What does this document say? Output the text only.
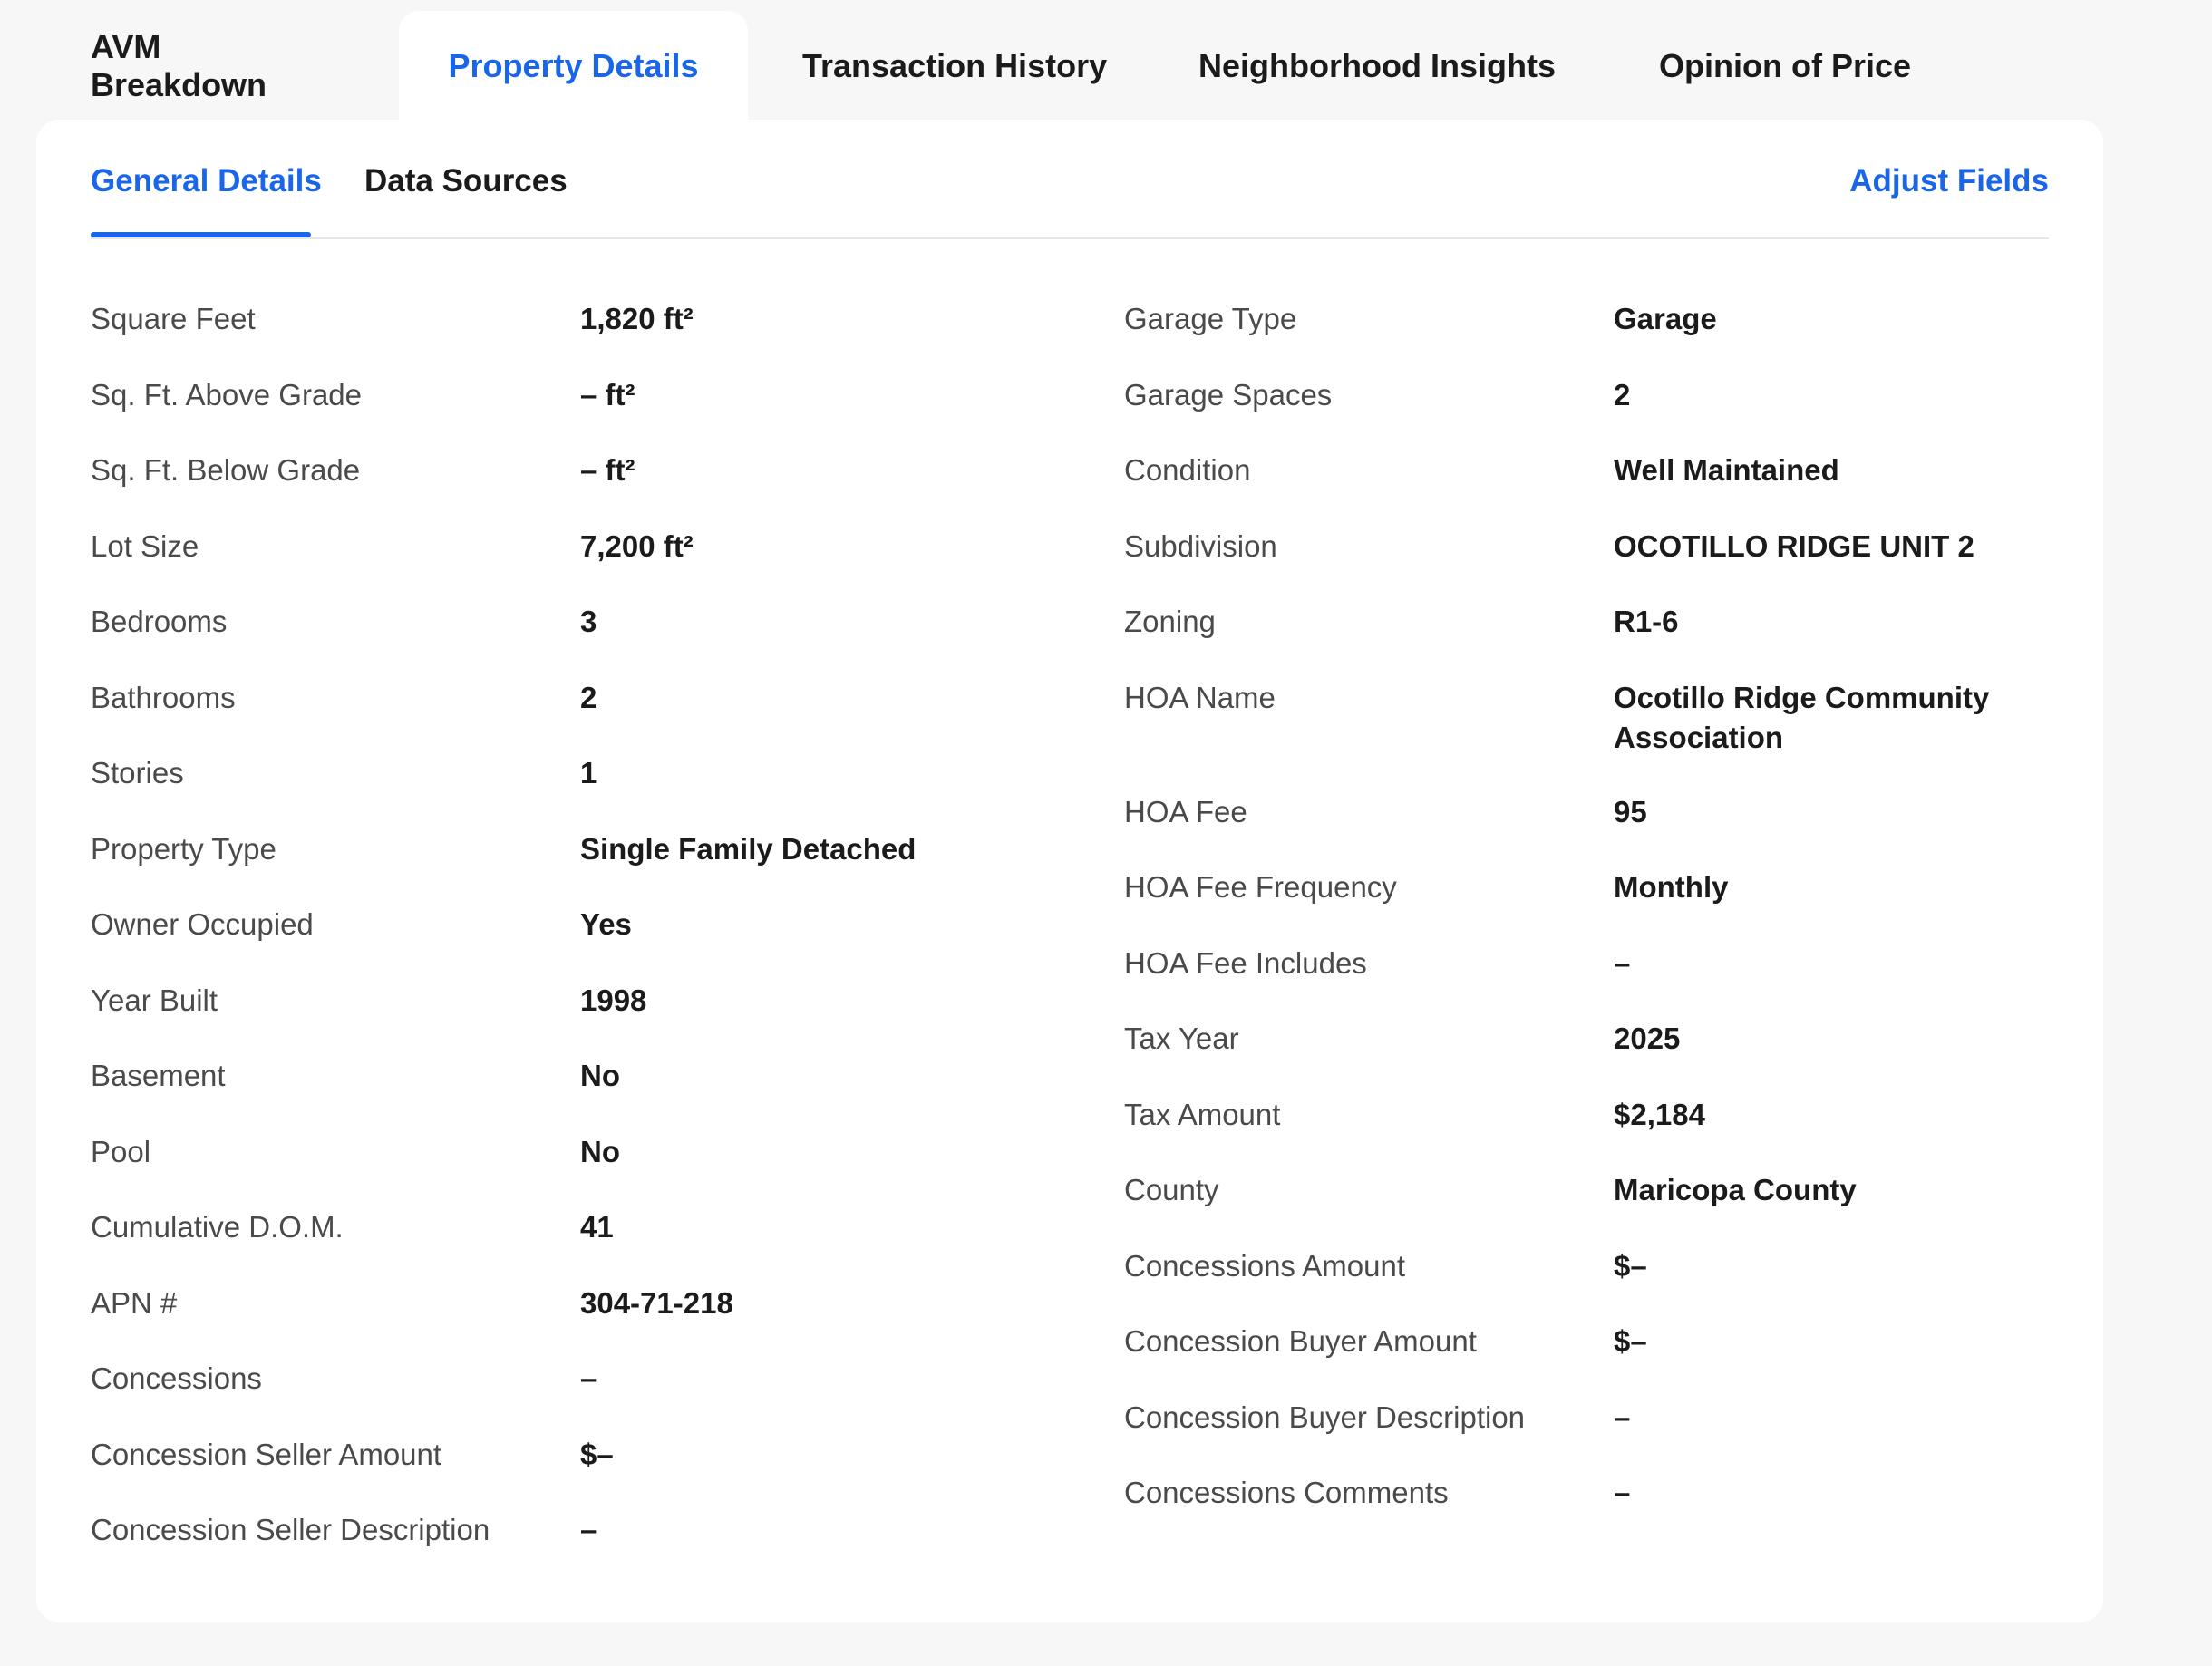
AVM Breakdown
Property Details	Transaction History	Neighborhood Insights	Opinion of Price
General Details Data Sources	Adjust Fields
Square Feet	1,820 ft²
Sq. Ft. Above Grade	– ft²
Sq. Ft. Below Grade	– ft²
Lot Size	7,200 ft²
Bedrooms	3
Bathrooms	2
Stories	1
Property Type	Single Family Detached
Owner Occupied	Yes
Year Built	1998
Basement	No
Pool	No
Cumulative D.O.M.	41
APN #	304-71-218
Concessions	–
Concession Seller Amount	$–
Concession Seller Description	–
Garage Type	Garage
Garage Spaces	2
Condition	Well Maintained
Subdivision	OCOTILLO RIDGE UNIT 2
Zoning	R1-6
HOA Name	Ocotillo Ridge Community Association
HOA Fee	95
HOA Fee Frequency	Monthly
HOA Fee Includes	–
Tax Year	2025
Tax Amount	$2,184
County	Maricopa County
Concessions Amount	$–
Concession Buyer Amount	$–
Concession Buyer Description	–
Concessions Comments	–
